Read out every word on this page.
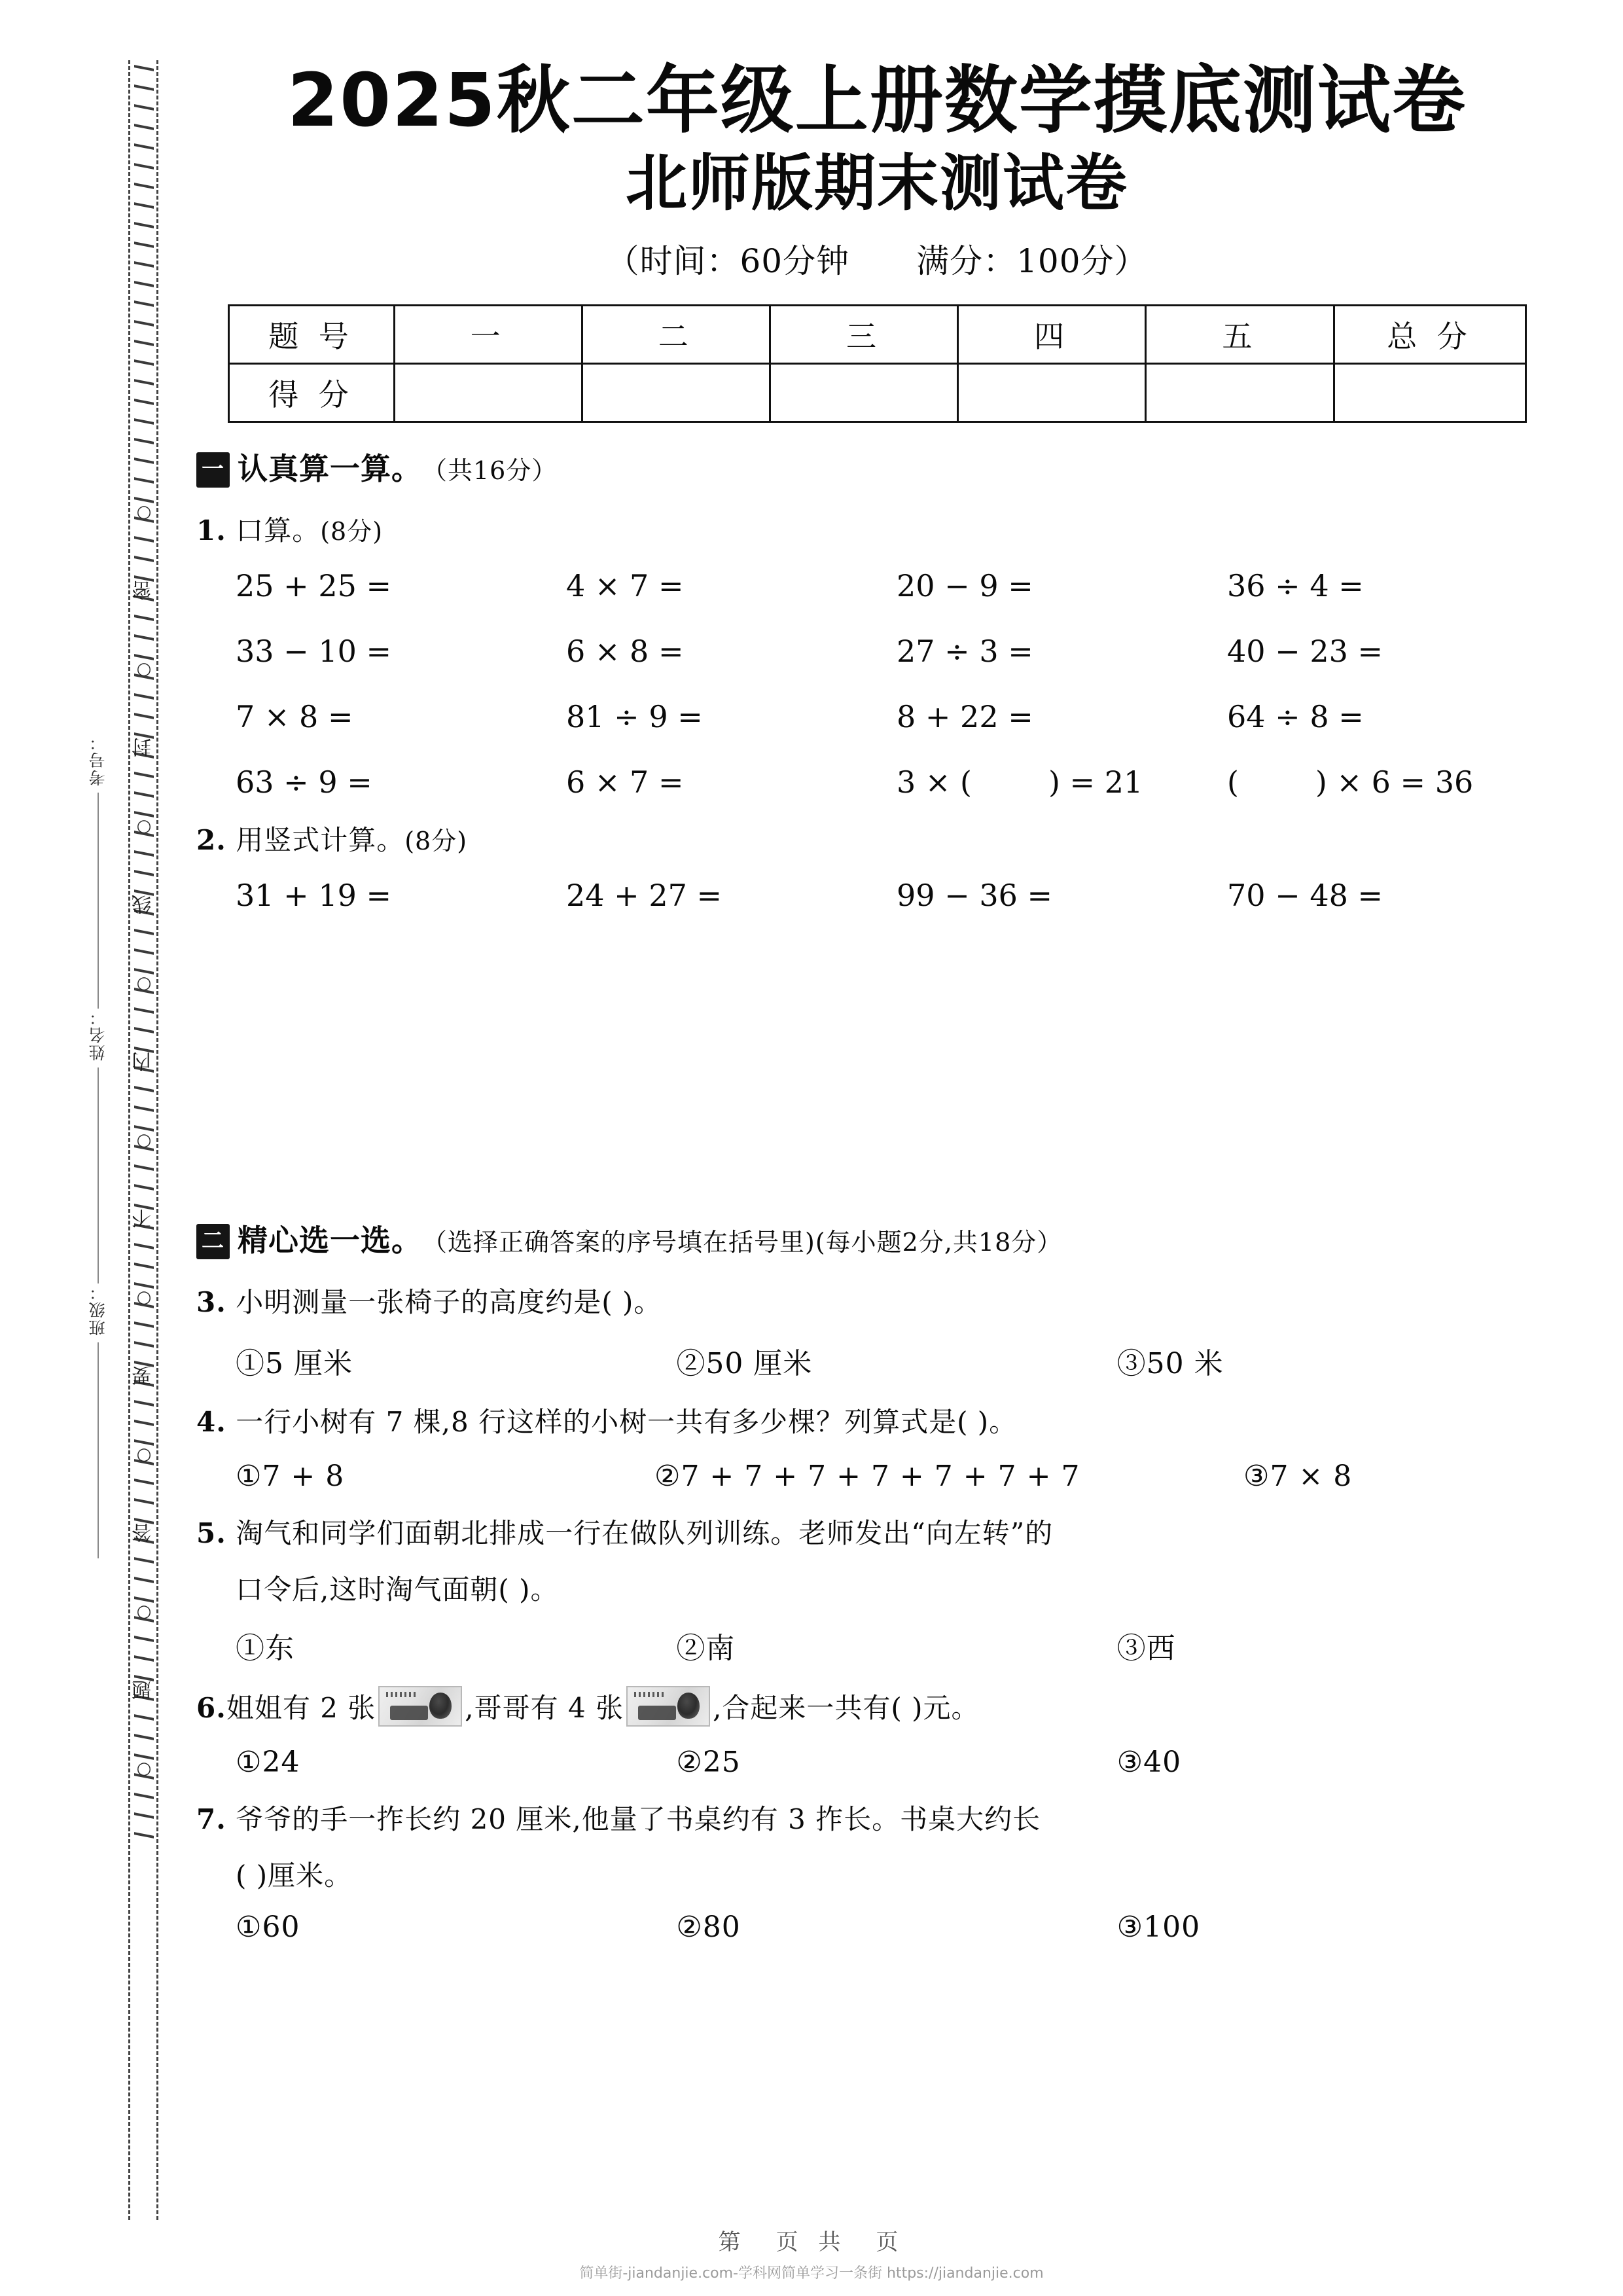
○
密
○
封
○
线
○
内
○
不
○
要
○
答
○
题
○
考号：
姓名：
班级：
2025秋二年级上册数学摸底测试卷
北师版期末测试卷
（时间：60分钟　　满分：100分）
题 号	一	二	三	四	五	总 分
得 分						
一 认真算一算。 （共16分）
1. 口算。(8分)
25 + 25 =	4 × 7 =	20 − 9 =	36 ÷ 4 =
33 − 10 =	6 × 8 =	27 ÷ 3 =	40 − 23 =
7 × 8 =	81 ÷ 9 =	8 + 22 =	64 ÷ 8 =
63 ÷ 9 =	6 × 7 =	3 × (        ) = 21	(        ) × 6 = 36
2. 用竖式计算。(8分)
31 + 19 =	24 + 27 =	99 − 36 =	70 − 48 =
二 精心选一选。 （选择正确答案的序号填在括号里)(每小题2分,共18分）
3. 小明测量一张椅子的高度约是( )。
①5 厘米	②50 厘米	③50 米
4. 一行小树有 7 棵,8 行这样的小树一共有多少棵？列算式是( )。
①7 + 8	②7 + 7 + 7 + 7 + 7 + 7 + 7	③7 × 8
5. 淘气和同学们面朝北排成一行在做队列训练。老师发出“向左转”的
口令后,这时淘气面朝( )。
①东	②南	③西
6.姐姐有 2 张	,哥哥有 4 张	,合起来一共有( )元。
①24	②25	③40
7. 爷爷的手一拃长约 20 厘米,他量了书桌约有 3 拃长。书桌大约长
( )厘米。
①60	②80	③100
第　页 共　页
简单街-jiandanjie.com-学科网简单学习一条街 https://jiandanjie.com
